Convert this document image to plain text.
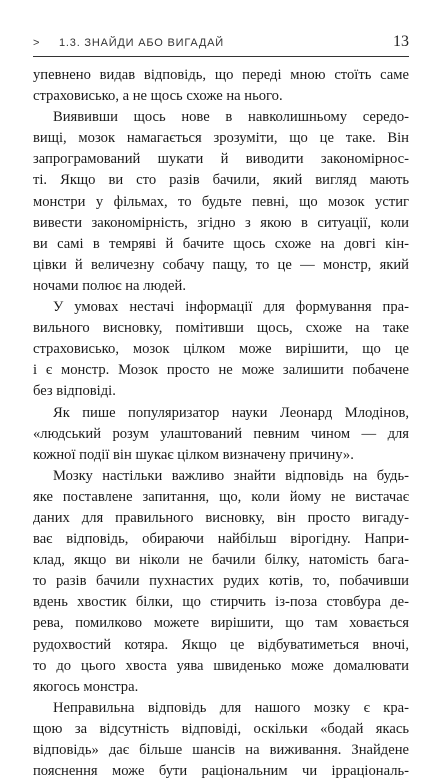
> 1.3. ЗНАЙДИ АБО ВИГАДАЙ	13
упевнено видав відповідь, що переді мною стоїть саме
страховисько, а не щось схоже на нього.
Виявивши щось нове в навколишньому середо-
вищі, мозок намагається зрозуміти, що це таке. Він
запрограмований шукати й виводити закономірнос-
ті. Якщо ви сто разів бачили, який вигляд мають
монстри у фільмах, то будьте певні, що мозок устиг
вивести закономірність, згідно з якою в ситуації, коли
ви самі в темряві й бачите щось схоже на довгі кін-
цівки й величезну собачу пащу, то це — монстр, який
ночами полює на людей.
У умовах нестачі інформації для формування пра-
вильного висновку, помітивши щось, схоже на таке
страховисько, мозок цілком може вирішити, що це
і є монстр. Мозок просто не може залишити побачене
без відповіді.
Як пише популяризатор науки Леонард Млодінов,
«людський розум улаштований певним чином — для
кожної події він шукає цілком визначену причину».
Мозку настільки важливо знайти відповідь на будь-
яке поставлене запитання, що, коли йому не вистачає
даних для правильного висновку, він просто вигаду-
ває відповідь, обираючи найбільш вірогідну. Напри-
клад, якщо ви ніколи не бачили білку, натомість бага-
то разів бачили пухнастих рудих котів, то, побачивши
вдень хвостик білки, що стирчить із-поза стовбура де-
рева, помилково можете вирішити, що там ховається
рудохвостий котяра. Якщо це відбуватиметься вночі,
то до цього хвоста уява швиденько може домалювати
якогось монстра.
Неправильна відповідь для нашого мозку є кра-
щою за відсутність відповіді, оскільки «бодай якась
відповідь» дає більше шансів на виживання. Знайдене
пояснення може бути раціональним чи ірраціональ-
